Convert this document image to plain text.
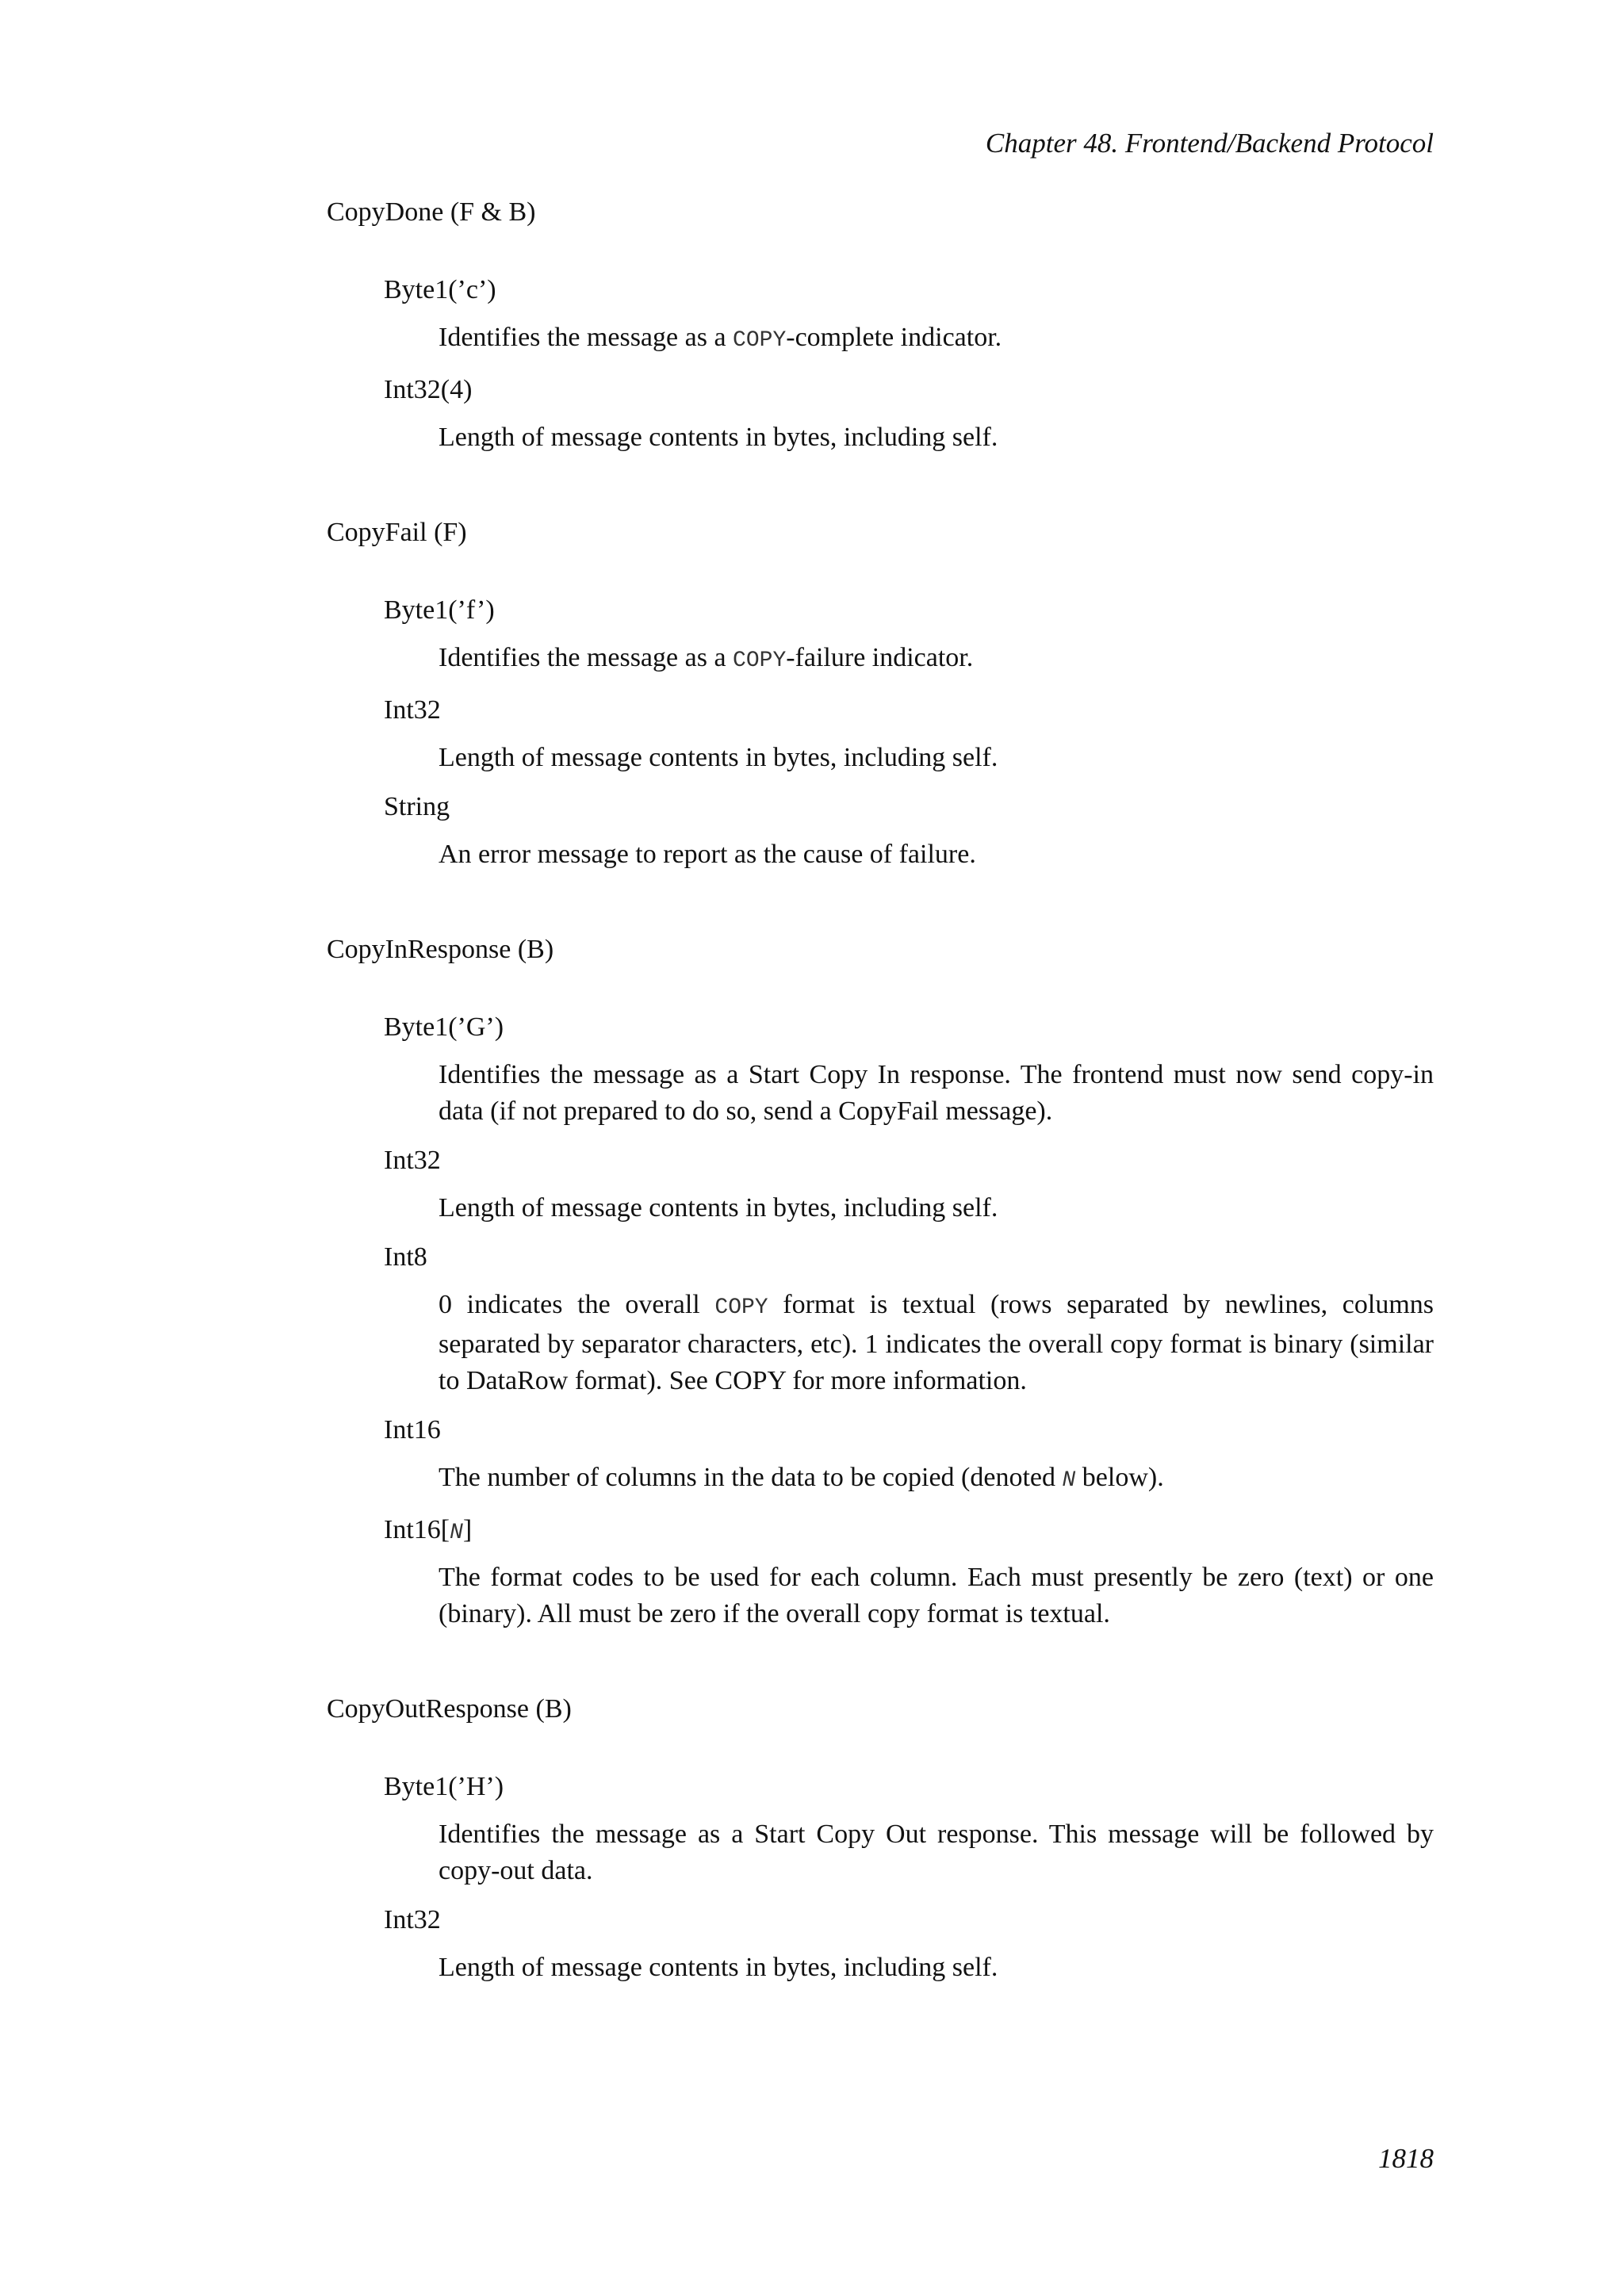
Chapter 48. Frontend/Backend Protocol
CopyDone (F & B)
Byte1(’c’)
Identifies the message as a COPY-complete indicator.
Int32(4)
Length of message contents in bytes, including self.
CopyFail (F)
Byte1(’f’)
Identifies the message as a COPY-failure indicator.
Int32
Length of message contents in bytes, including self.
String
An error message to report as the cause of failure.
CopyInResponse (B)
Byte1(’G’)
Identifies the message as a Start Copy In response. The frontend must now send copy-in data (if not prepared to do so, send a CopyFail message).
Int32
Length of message contents in bytes, including self.
Int8
0 indicates the overall COPY format is textual (rows separated by newlines, columns separated by separator characters, etc). 1 indicates the overall copy format is binary (similar to DataRow format). See COPY for more information.
Int16
The number of columns in the data to be copied (denoted N below).
Int16[N]
The format codes to be used for each column. Each must presently be zero (text) or one (binary). All must be zero if the overall copy format is textual.
CopyOutResponse (B)
Byte1(’H’)
Identifies the message as a Start Copy Out response. This message will be followed by copy-out data.
Int32
Length of message contents in bytes, including self.
1818
